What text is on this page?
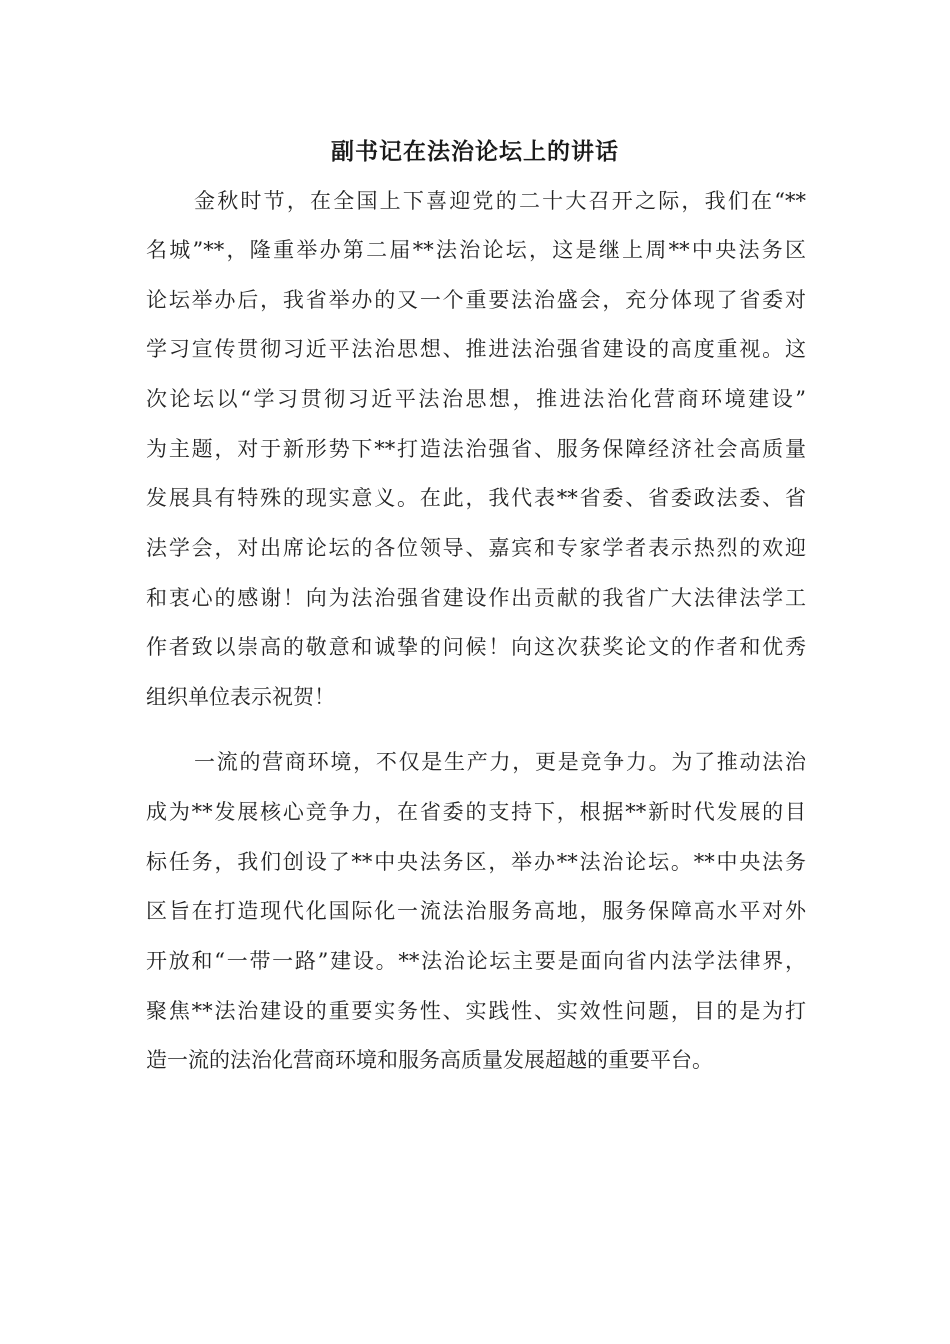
副书记在法治论坛上的讲话
金秋时节，在全国上下喜迎党的二十大召开之际，我们在“**
名城”**，隆重举办第二届**法治论坛，这是继上周**中央法务区
论坛举办后，我省举办的又一个重要法治盛会，充分体现了省委对
学习宣传贯彻习近平法治思想、推进法治强省建设的高度重视。这
次论坛以“学习贯彻习近平法治思想，推进法治化营商环境建设”
为主题，对于新形势下**打造法治强省、服务保障经济社会高质量
发展具有特殊的现实意义。在此，我代表**省委、省委政法委、省
法学会，对出席论坛的各位领导、嘉宾和专家学者表示热烈的欢迎
和衷心的感谢！向为法治强省建设作出贡献的我省广大法律法学工
作者致以崇高的敬意和诚挚的问候！向这次获奖论文的作者和优秀
组织单位表示祝贺！
一流的营商环境，不仅是生产力，更是竞争力。为了推动法治
成为**发展核心竞争力，在省委的支持下，根据**新时代发展的目
标任务，我们创设了**中央法务区，举办**法治论坛。**中央法务
区旨在打造现代化国际化一流法治服务高地，服务保障高水平对外
开放和“一带一路”建设。**法治论坛主要是面向省内法学法律界，
聚焦**法治建设的重要实务性、实践性、实效性问题，目的是为打
造一流的法治化营商环境和服务高质量发展超越的重要平台。
